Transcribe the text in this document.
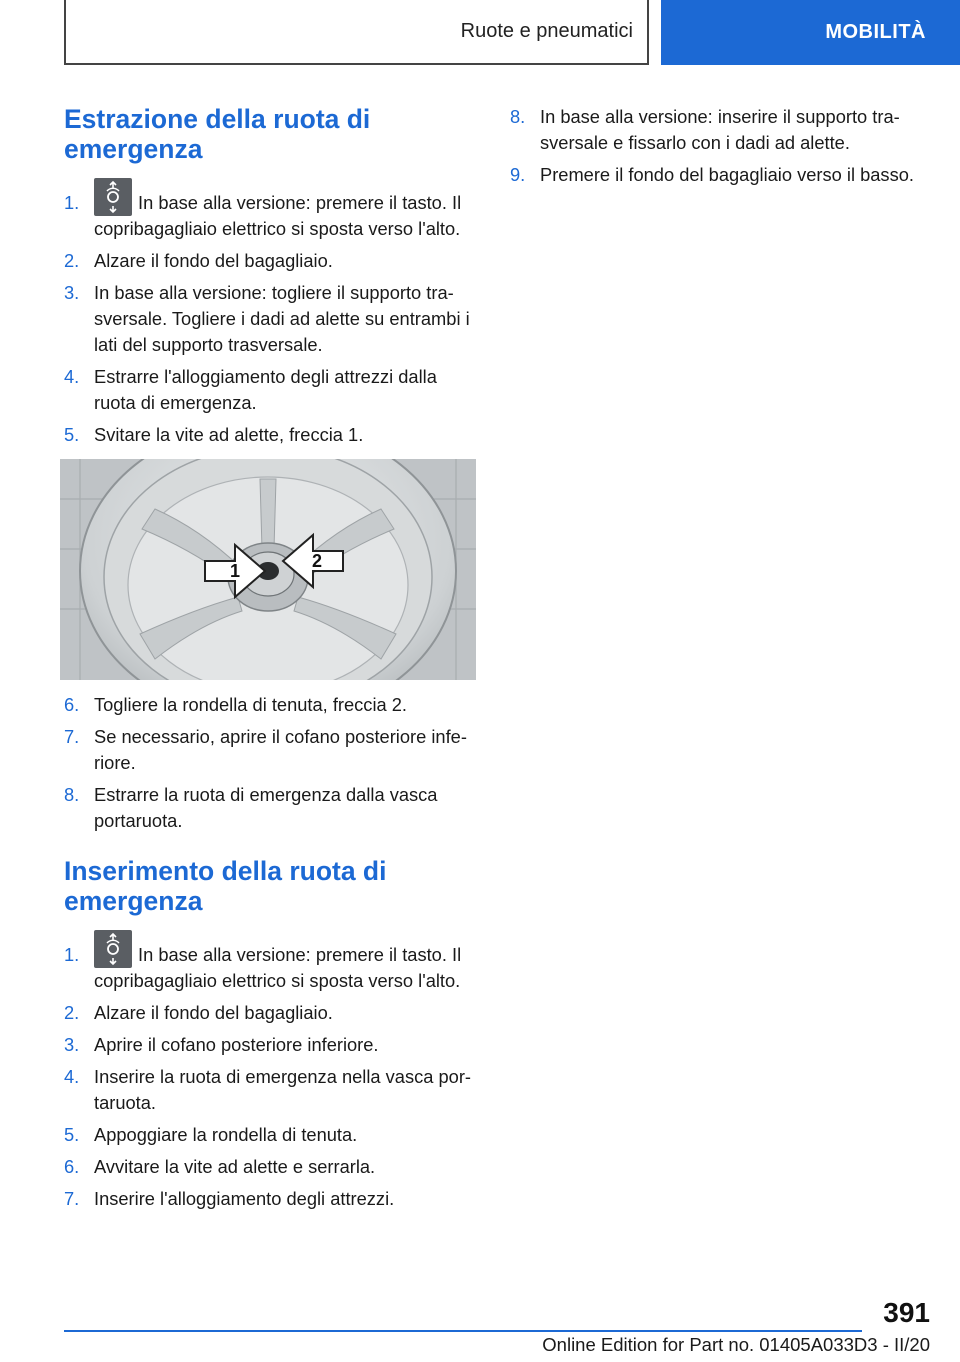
Ruote e pneumatici	MOBILITÀ
Estrazione della ruota di emergenza
1.	In base alla versione: premere il tasto. Il copribagagliaio elettrico si sposta verso l'alto.
2. Alzare il fondo del bagagliaio.
3. In base alla versione: togliere il supporto trasversale. Togliere i dadi ad alette su entrambi i lati del supporto trasversale.
4. Estrarre l'alloggiamento degli attrezzi dalla ruota di emergenza.
5. Svitare la vite ad alette, freccia 1.
6. Togliere la rondella di tenuta, freccia 2.
7. Se necessario, aprire il cofano posteriore inferiore.
8. Estrarre la ruota di emergenza dalla vasca portaruota.
Inserimento della ruota di emergenza
1.	In base alla versione: premere il tasto. Il copribagagliaio elettrico si sposta verso l'alto.
2. Alzare il fondo del bagagliaio.
3. Aprire il cofano posteriore inferiore.
4. Inserire la ruota di emergenza nella vasca portaruota.
5. Appoggiare la rondella di tenuta.
6. Avvitare la vite ad alette e serrarla.
7. Inserire l'alloggiamento degli attrezzi.
1	2
8. In base alla versione: inserire il supporto trasversale e fissarlo con i dadi ad alette.
9. Premere il fondo del bagagliaio verso il basso.
391
Online Edition for Part no. 01405A033D3 - II/20
